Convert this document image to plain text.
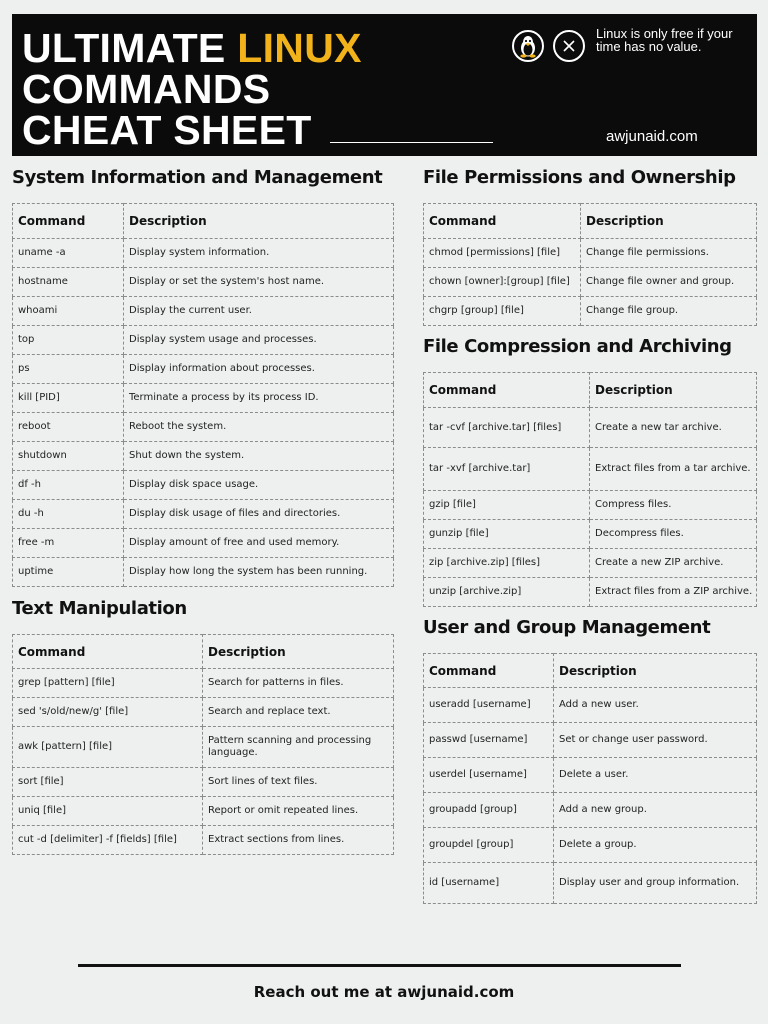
ULTIMATE LINUX
COMMANDS
CHEAT SHEET
Linux is only free if your time has no value.
awjunaid.com
System Information and Management
Command	Description
uname -a	Display system information.
hostname	Display or set the system's host name.
whoami	Display the current user.
top	Display system usage and processes.
ps	Display information about processes.
kill [PID]	Terminate a process by its process ID.
reboot	Reboot the system.
shutdown	Shut down the system.
df -h	Display disk space usage.
du -h	Display disk usage of files and directories.
free -m	Display amount of free and used memory.
uptime	Display how long the system has been running.
Text Manipulation
Command	Description
grep [pattern] [file]	Search for patterns in files.
sed 's/old/new/g' [file]	Search and replace text.
awk [pattern] [file]	Pattern scanning and processing language.
sort [file]	Sort lines of text files.
uniq [file]	Report or omit repeated lines.
cut -d [delimiter] -f [fields] [file]	Extract sections from lines.
File Permissions and Ownership
Command	Description
chmod [permissions] [file]	Change file permissions.
chown [owner]:[group] [file]	Change file owner and group.
chgrp [group] [file]	Change file group.
File Compression and Archiving
Command	Description
tar -cvf [archive.tar] [files]	Create a new tar archive.
tar -xvf [archive.tar]	Extract files from a tar archive.
gzip [file]	Compress files.
gunzip [file]	Decompress files.
zip [archive.zip] [files]	Create a new ZIP archive.
unzip [archive.zip]	Extract files from a ZIP archive.
User and Group Management
Command	Description
useradd [username]	Add a new user.
passwd [username]	Set or change user password.
userdel [username]	Delete a user.
groupadd [group]	Add a new group.
groupdel [group]	Delete a group.
id [username]	Display user and group information.
Reach out me at awjunaid.com
